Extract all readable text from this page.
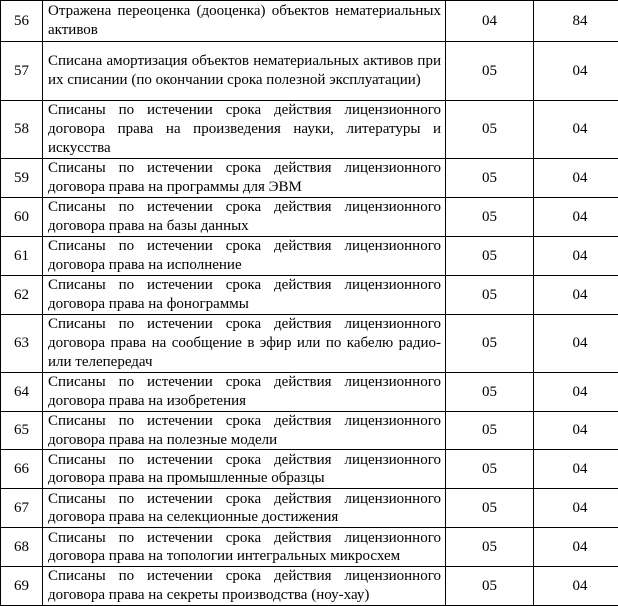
56	Отражена переоценка (дооценка) объектов нематериальных активов	04	84
57	Списана амортизация объектов нематериальных активов при их списании (по окончании срока полезной эксплуатации)	05	04
58	Списаны по истечении срока действия лицензионного договора права на произведения науки, литературы и искусства	05	04
59	Списаны по истечении срока действия лицензионного договора права на программы для ЭВМ	05	04
60	Списаны по истечении срока действия лицензионного договора права на базы данных	05	04
61	Списаны по истечении срока действия лицензионного договора права на исполнение	05	04
62	Списаны по истечении срока действия лицензионного договора права на фонограммы	05	04
63	Списаны по истечении срока действия лицензионного договора права на сообщение в эфир или по кабелю радио- или телепередач	05	04
64	Списаны по истечении срока действия лицензионного договора права на изобретения	05	04
65	Списаны по истечении срока действия лицензионного договора права на полезные модели	05	04
66	Списаны по истечении срока действия лицензионного договора права на промышленные образцы	05	04
67	Списаны по истечении срока действия лицензионного договора права на селекционные достижения	05	04
68	Списаны по истечении срока действия лицензионного договора права на топологии интегральных микросхем	05	04
69	Списаны по истечении срока действия лицензионного договора права на секреты производства (ноу-хау)	05	04
